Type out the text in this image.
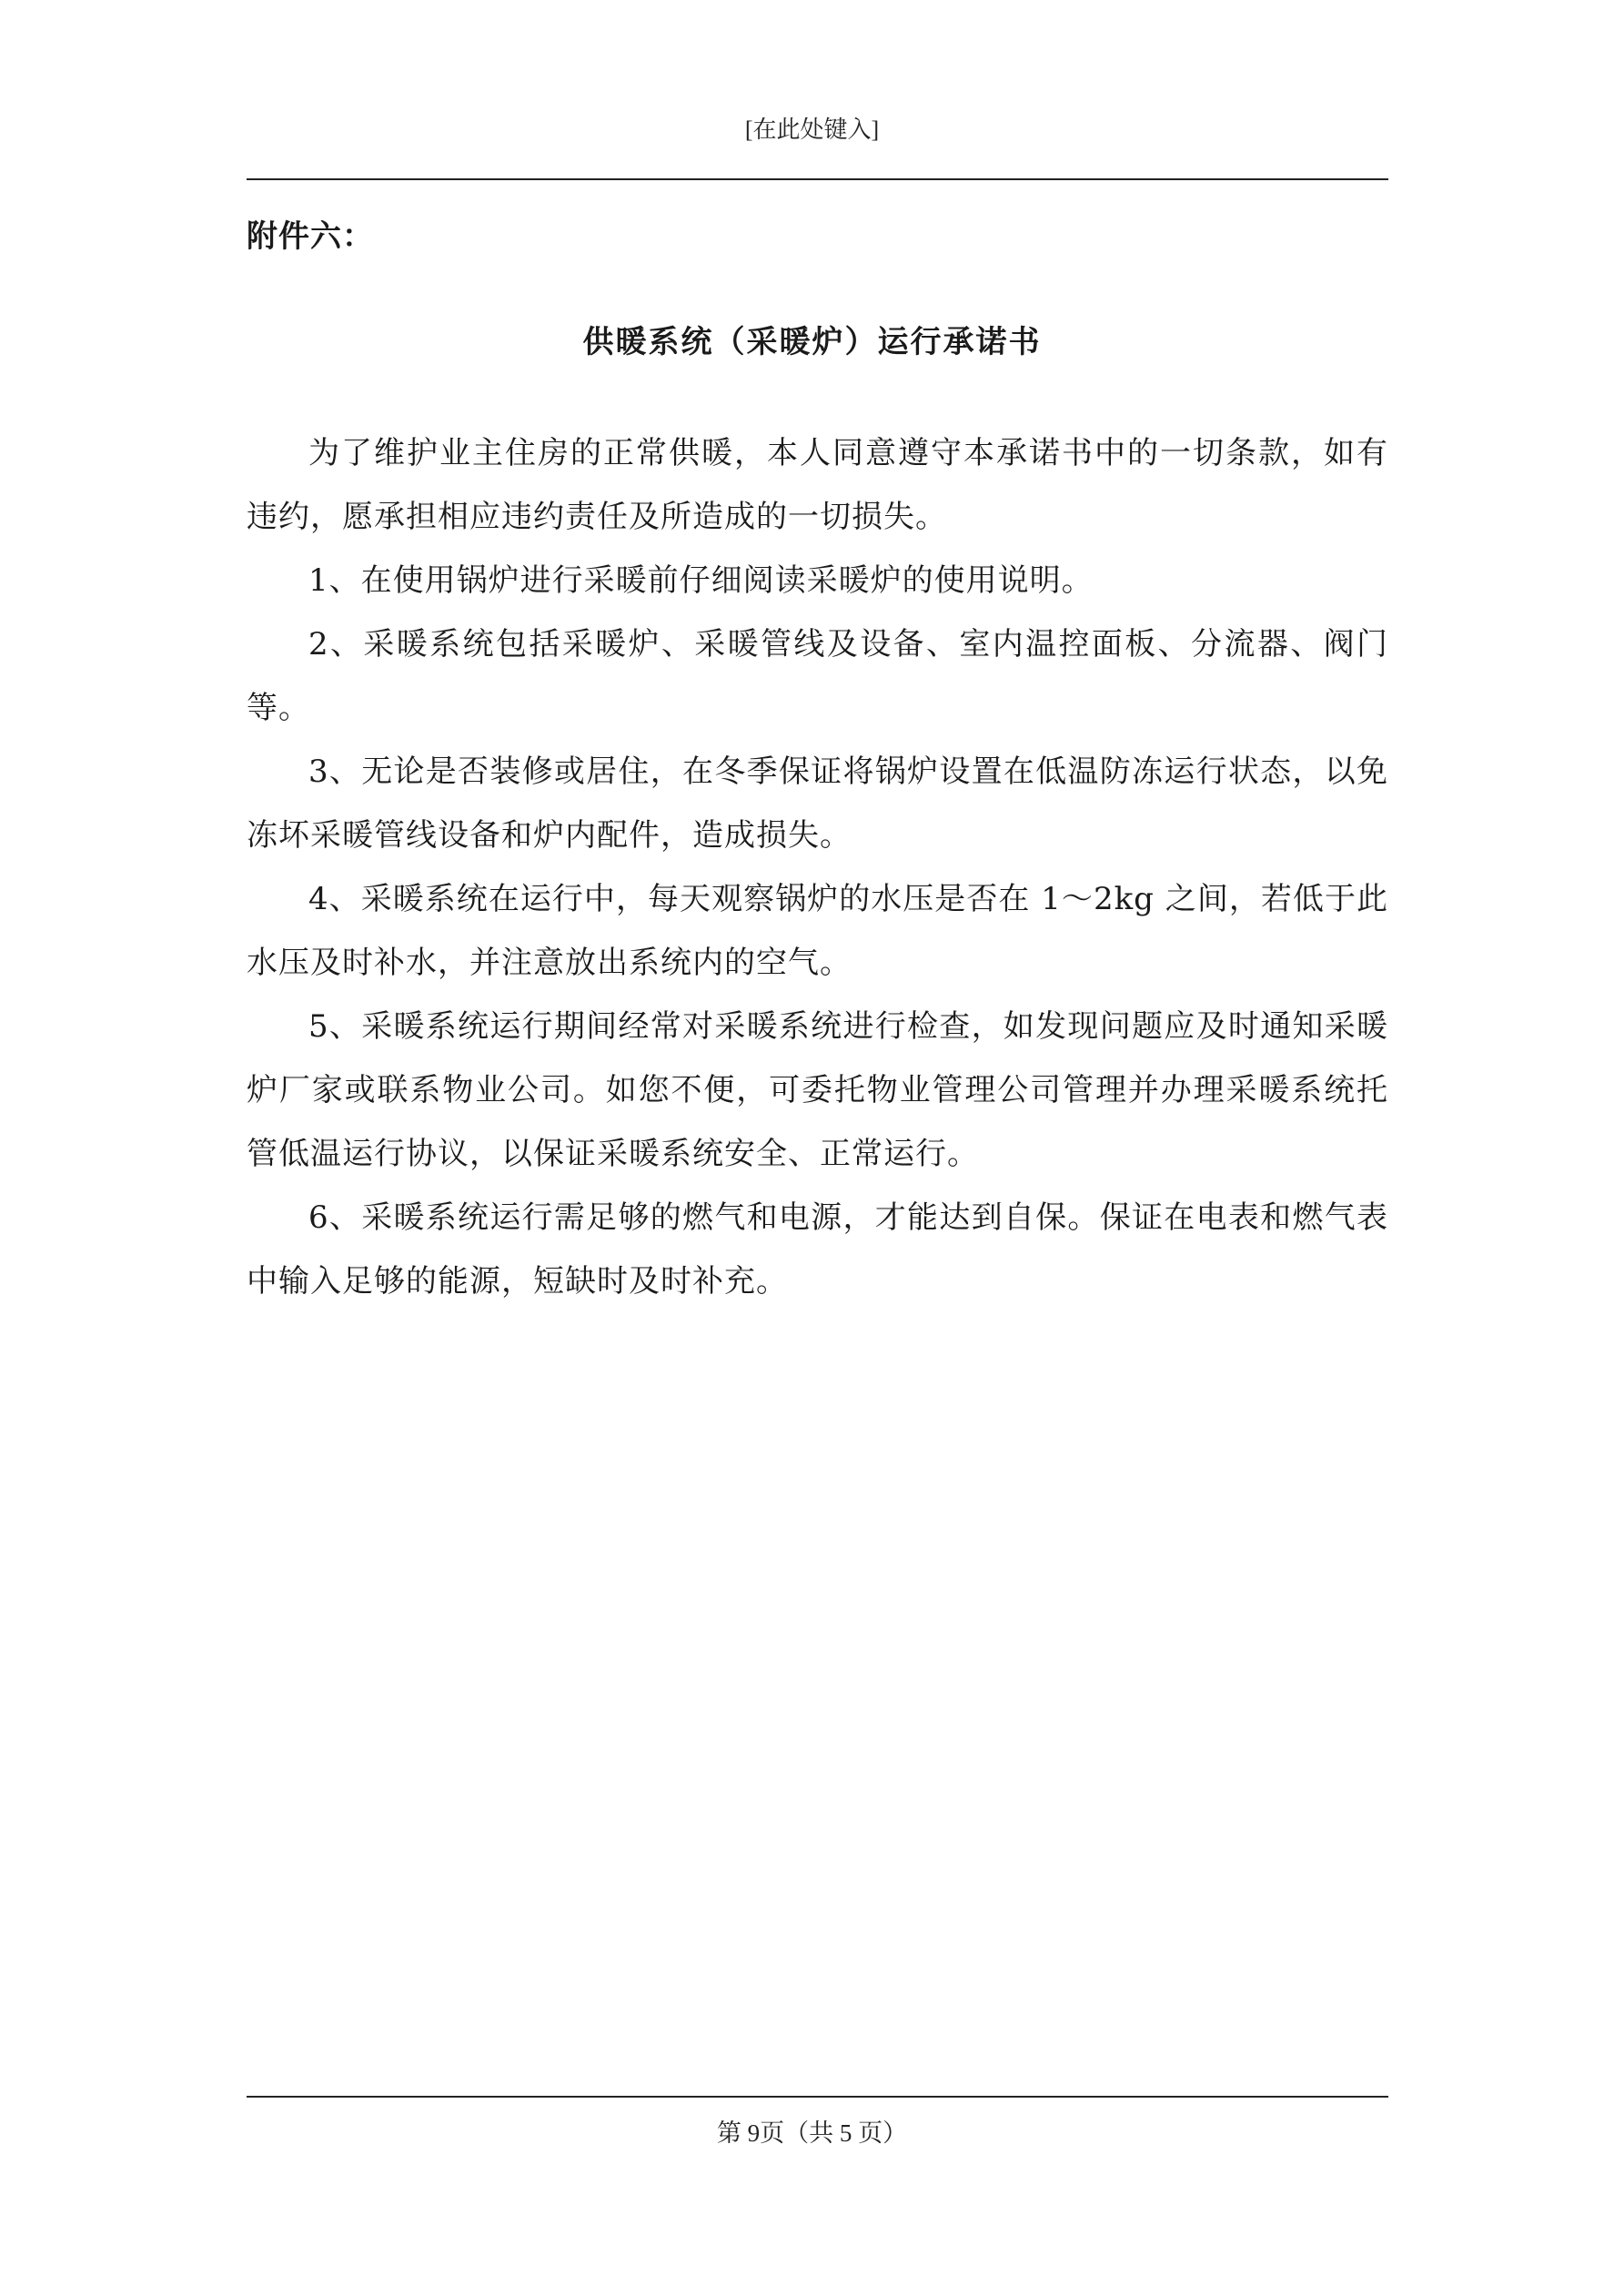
[在此处键入]
附件六：
供暖系统（采暖炉）运行承诺书

为了维护业主住房的正常供暖，本人同意遵守本承诺书中的一切条款，如有违约，愿承担相应违约责任及所造成的一切损失。

1、在使用锅炉进行采暖前仔细阅读采暖炉的使用说明。

2、采暖系统包括采暖炉、采暖管线及设备、室内温控面板、分流器、阀门等。

3、无论是否装修或居住，在冬季保证将锅炉设置在低温防冻运行状态，以免冻坏采暖管线设备和炉内配件，造成损失。

4、采暖系统在运行中，每天观察锅炉的水压是否在 1～2kg 之间，若低于此水压及时补水，并注意放出系统内的空气。

5、采暖系统运行期间经常对采暖系统进行检查，如发现问题应及时通知采暖炉厂家或联系物业公司。如您不便，可委托物业管理公司管理并办理采暖系统托管低温运行协议，以保证采暖系统安全、正常运行。

6、采暖系统运行需足够的燃气和电源，才能达到自保。保证在电表和燃气表中输入足够的能源，短缺时及时补充。

第 9页（共 5 页）
